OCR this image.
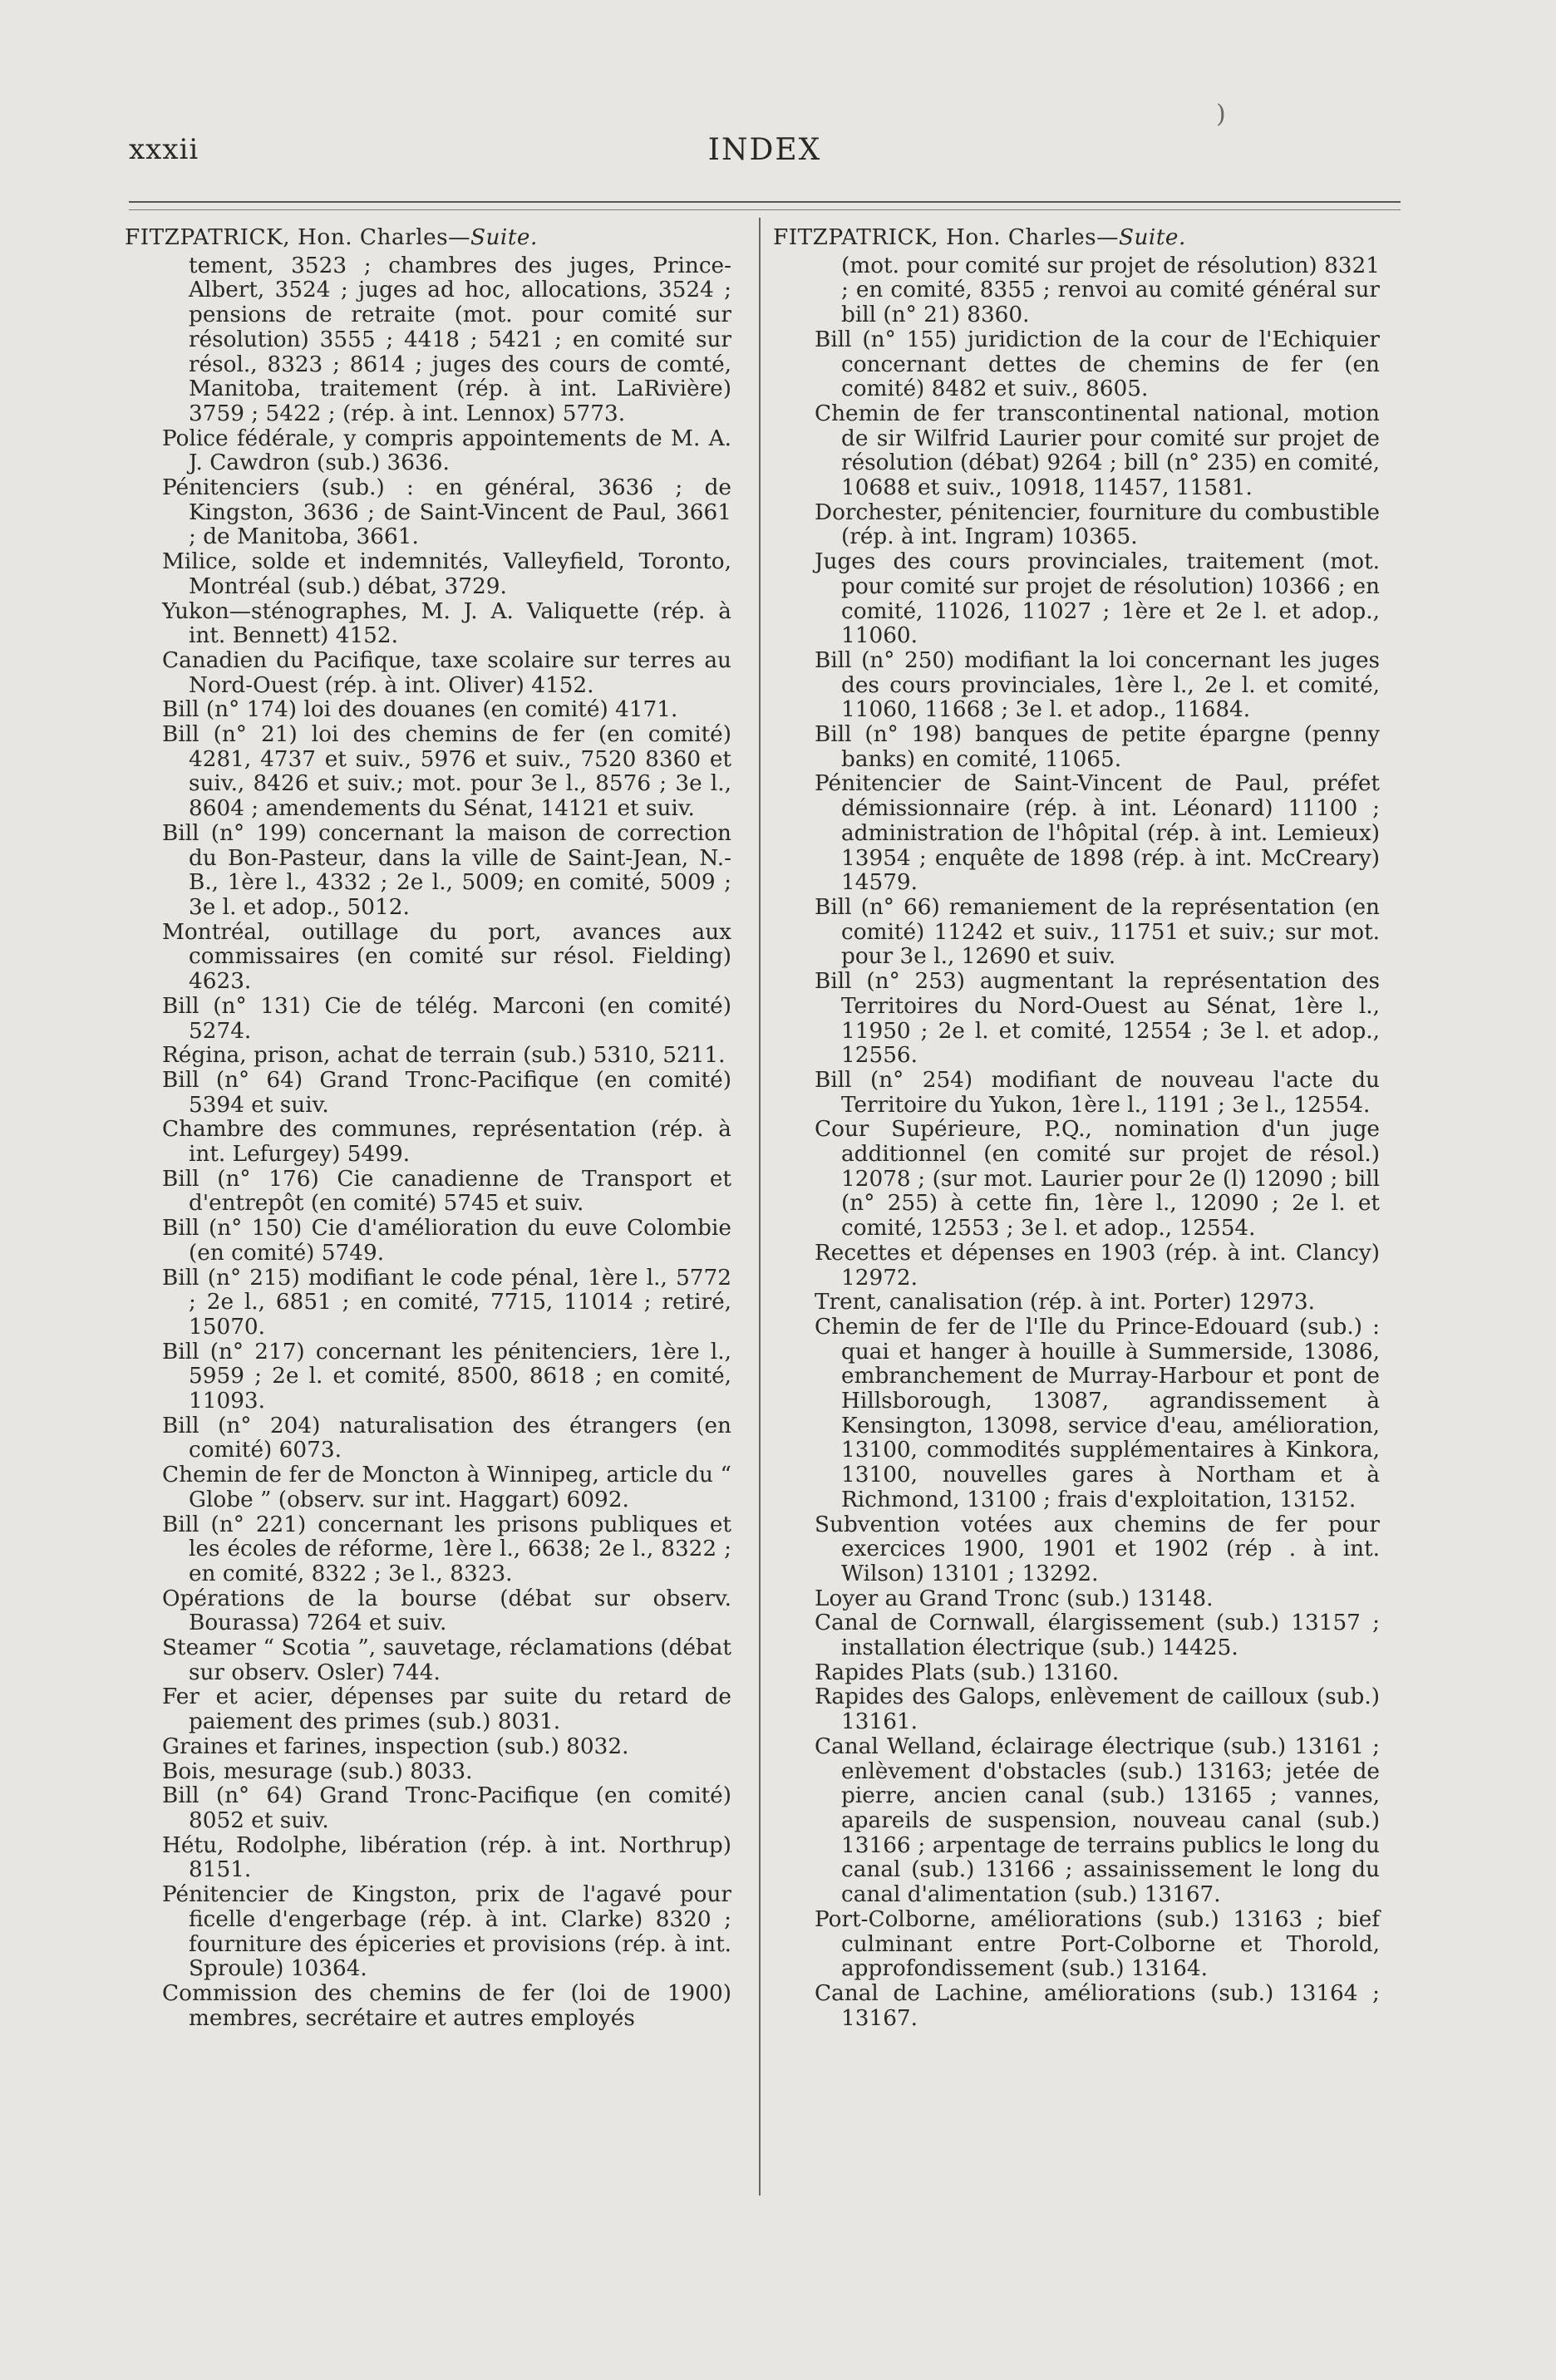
)
xxxii	INDEX

FITZPATRICK, Hon. Charles—Suite.

tement, 3523 ; chambres des juges, Prince-Albert, 3524 ; juges ad hoc, allocations, 3524 ; pensions de retraite (mot. pour comité sur résolution) 3555 ; 4418 ; 5421 ; en comité sur résol., 8323 ; 8614 ; juges des cours de comté, Manitoba, traitement (rép. à int. LaRivière) 3759 ; 5422 ; (rép. à int. Lennox) 5773.

Police fédérale, y compris appointements de M. A. J. Cawdron (sub.) 3636.

Pénitenciers (sub.) : en général, 3636 ; de Kingston, 3636 ; de Saint-Vincent de Paul, 3661 ; de Manitoba, 3661.

Milice, solde et indemnités, Valleyfield, Toronto, Montréal (sub.) débat, 3729.

Yukon—sténographes, M. J. A. Valiquette (rép. à int. Bennett) 4152.

Canadien du Pacifique, taxe scolaire sur terres au Nord-Ouest (rép. à int. Oliver) 4152.

Bill (n° 174) loi des douanes (en comité) 4171.

Bill (n° 21) loi des chemins de fer (en comité) 4281, 4737 et suiv., 5976 et suiv., 7520 8360 et suiv., 8426 et suiv.; mot. pour 3e l., 8576 ; 3e l., 8604 ; amendements du Sénat, 14121 et suiv.

Bill (n° 199) concernant la maison de correction du Bon-Pasteur, dans la ville de Saint-Jean, N.-B., 1ère l., 4332 ; 2e l., 5009; en comité, 5009 ; 3e l. et adop., 5012.

Montréal, outillage du port, avances aux commissaires (en comité sur résol. Fielding) 4623.

Bill (n° 131) Cie de télég. Marconi (en comité) 5274.

Régina, prison, achat de terrain (sub.) 5310, 5211.

Bill (n° 64) Grand Tronc-Pacifique (en comité) 5394 et suiv.

Chambre des communes, représentation (rép. à int. Lefurgey) 5499.

Bill (n° 176) Cie canadienne de Transport et d'entrepôt (en comité) 5745 et suiv.

Bill (n° 150) Cie d'amélioration du euve Colombie (en comité) 5749.

Bill (n° 215) modifiant le code pénal, 1ère l., 5772 ; 2e l., 6851 ; en comité, 7715, 11014 ; retiré, 15070.

Bill (n° 217) concernant les pénitenciers, 1ère l., 5959 ; 2e l. et comité, 8500, 8618 ; en comité, 11093.

Bill (n° 204) naturalisation des étrangers (en comité) 6073.

Chemin de fer de Moncton à Winnipeg, article du “ Globe ” (observ. sur int. Haggart) 6092.

Bill (n° 221) concernant les prisons publiques et les écoles de réforme, 1ère l., 6638; 2e l., 8322 ; en comité, 8322 ; 3e l., 8323.

Opérations de la bourse (débat sur observ. Bourassa) 7264 et suiv.

Steamer “ Scotia ”, sauvetage, réclamations (débat sur observ. Osler) 744.

Fer et acier, dépenses par suite du retard de paiement des primes (sub.) 8031.

Graines et farines, inspection (sub.) 8032.

Bois, mesurage (sub.) 8033.

Bill (n° 64) Grand Tronc-Pacifique (en comité) 8052 et suiv.

Hétu, Rodolphe, libération (rép. à int. Northrup) 8151.

Pénitencier de Kingston, prix de l'agavé pour ficelle d'engerbage (rép. à int. Clarke) 8320 ; fourniture des épiceries et provisions (rép. à int. Sproule) 10364.

Commission des chemins de fer (loi de 1900) membres, secrétaire et autres employés

FITZPATRICK, Hon. Charles—Suite.

(mot. pour comité sur projet de résolution) 8321 ; en comité, 8355 ; renvoi au comité général sur bill (n° 21) 8360.

Bill (n° 155) juridiction de la cour de l'Echiquier concernant dettes de chemins de fer (en comité) 8482 et suiv., 8605.

Chemin de fer transcontinental national, motion de sir Wilfrid Laurier pour comité sur projet de résolution (débat) 9264 ; bill (n° 235) en comité, 10688 et suiv., 10918, 11457, 11581.

Dorchester, pénitencier, fourniture du combustible (rép. à int. Ingram) 10365.

Juges des cours provinciales, traitement (mot. pour comité sur projet de résolution) 10366 ; en comité, 11026, 11027 ; 1ère et 2e l. et adop., 11060.

Bill (n° 250) modifiant la loi concernant les juges des cours provinciales, 1ère l., 2e l. et comité, 11060, 11668 ; 3e l. et adop., 11684.

Bill (n° 198) banques de petite épargne (penny banks) en comité, 11065.

Pénitencier de Saint-Vincent de Paul, préfet démissionnaire (rép. à int. Léonard) 11100 ; administration de l'hôpital (rép. à int. Lemieux) 13954 ; enquête de 1898 (rép. à int. McCreary) 14579.

Bill (n° 66) remaniement de la représentation (en comité) 11242 et suiv., 11751 et suiv.; sur mot. pour 3e l., 12690 et suiv.

Bill (n° 253) augmentant la représentation des Territoires du Nord-Ouest au Sénat, 1ère l., 11950 ; 2e l. et comité, 12554 ; 3e l. et adop., 12556.

Bill (n° 254) modifiant de nouveau l'acte du Territoire du Yukon, 1ère l., 1191 ; 3e l., 12554.

Cour Supérieure, P.Q., nomination d'un juge additionnel (en comité sur projet de résol.) 12078 ; (sur mot. Laurier pour 2e (l) 12090 ; bill (n° 255) à cette fin, 1ère l., 12090 ; 2e l. et comité, 12553 ; 3e l. et adop., 12554.

Recettes et dépenses en 1903 (rép. à int. Clancy) 12972.

Trent, canalisation (rép. à int. Porter) 12973.

Chemin de fer de l'Ile du Prince-Edouard (sub.) : quai et hanger à houille à Summerside, 13086, embranchement de Murray-Harbour et pont de Hillsborough, 13087, agrandissement à Kensington, 13098, service d'eau, amélioration, 13100, commodités supplémentaires à Kinkora, 13100, nouvelles gares à Northam et à Richmond, 13100 ; frais d'exploitation, 13152.

Subvention votées aux chemins de fer pour exercices 1900, 1901 et 1902 (rép . à int. Wilson) 13101 ; 13292.

Loyer au Grand Tronc (sub.) 13148.

Canal de Cornwall, élargissement (sub.) 13157 ; installation électrique (sub.) 14425.

Rapides Plats (sub.) 13160.

Rapides des Galops, enlèvement de cailloux (sub.) 13161.

Canal Welland, éclairage électrique (sub.) 13161 ; enlèvement d'obstacles (sub.) 13163; jetée de pierre, ancien canal (sub.) 13165 ; vannes, apareils de suspension, nouveau canal (sub.) 13166 ; arpentage de terrains publics le long du canal (sub.) 13166 ; assainissement le long du canal d'alimentation (sub.) 13167.

Port-Colborne, améliorations (sub.) 13163 ; bief culminant entre Port-Colborne et Thorold, approfondissement (sub.) 13164.

Canal de Lachine, améliorations (sub.) 13164 ; 13167.
